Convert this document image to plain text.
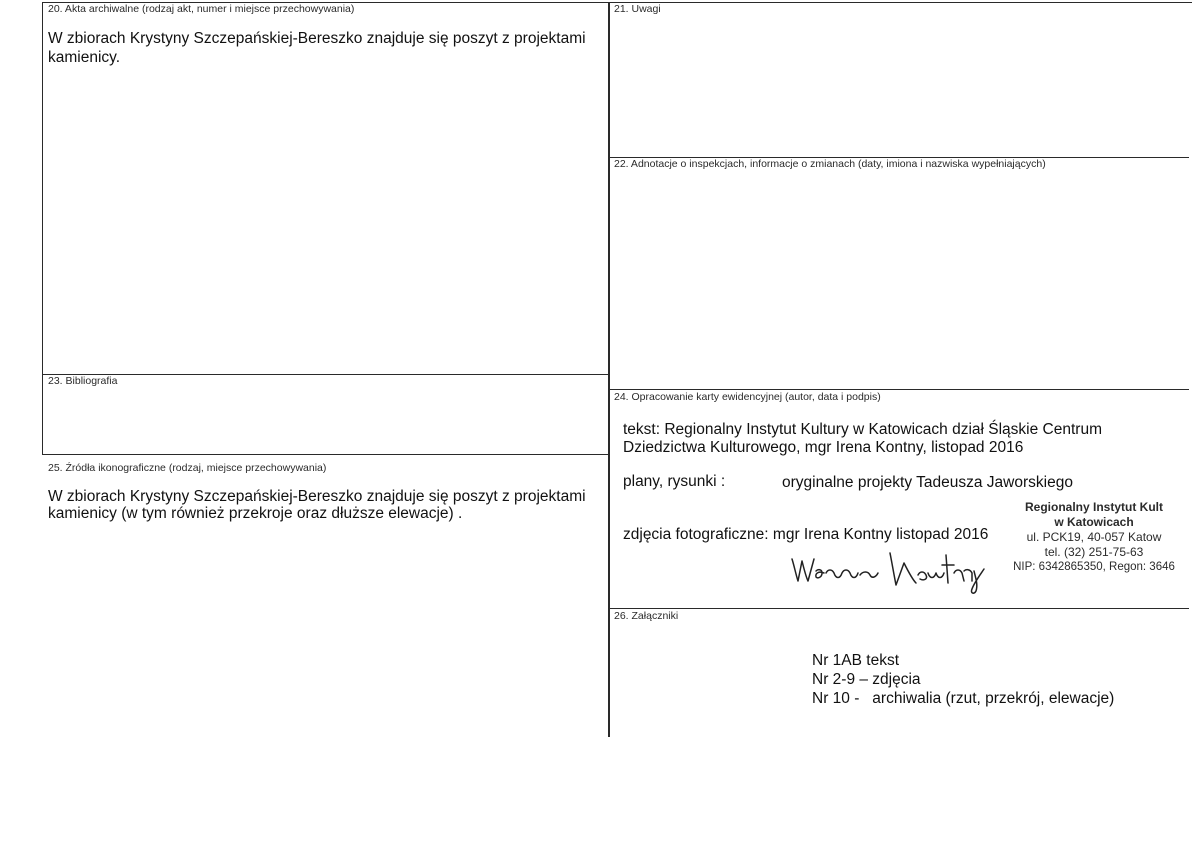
20. Akta archiwalne (rodzaj akt, numer i miejsce przechowywania)

W zbiorach Krystyny Szczepańskiej-Bereszko znajduje się poszyt z projektami

kamienicy.

21. Uwagi
22. Adnotacje o inspekcjach, informacje o zmianach (daty, imiona i nazwiska wypełniających)
23. Bibliografia
24. Opracowanie karty ewidencyjnej (autor, data i podpis)

tekst: Regionalny Instytut Kultury w Katowicach dział Śląskie Centrum

Dziedzictwa Kulturowego, mgr Irena Kontny, listopad 2016

plany, rysunki :	oryginalne projekty Tadeusza Jaworskiego

zdjęcia fotograficzne: mgr Irena Kontny listopad 2016

Regionalny Instytut Kult

w Katowicach

ul. PCK19, 40-057 Katow

tel. (32) 251-75-63

NIP: 6342865350, Regon: 3646

25. Źródła ikonograficzne (rodzaj, miejsce przechowywania)

W zbiorach Krystyny Szczepańskiej-Bereszko znajduje się poszyt z projektami

kamienicy (w tym również przekroje oraz dłuższe elewacje) .

26. Załączniki
Nr 1AB tekst
Nr 2-9 – zdjęcia
Nr 10 -   archiwalia (rzut, przekrój, elewacje)
